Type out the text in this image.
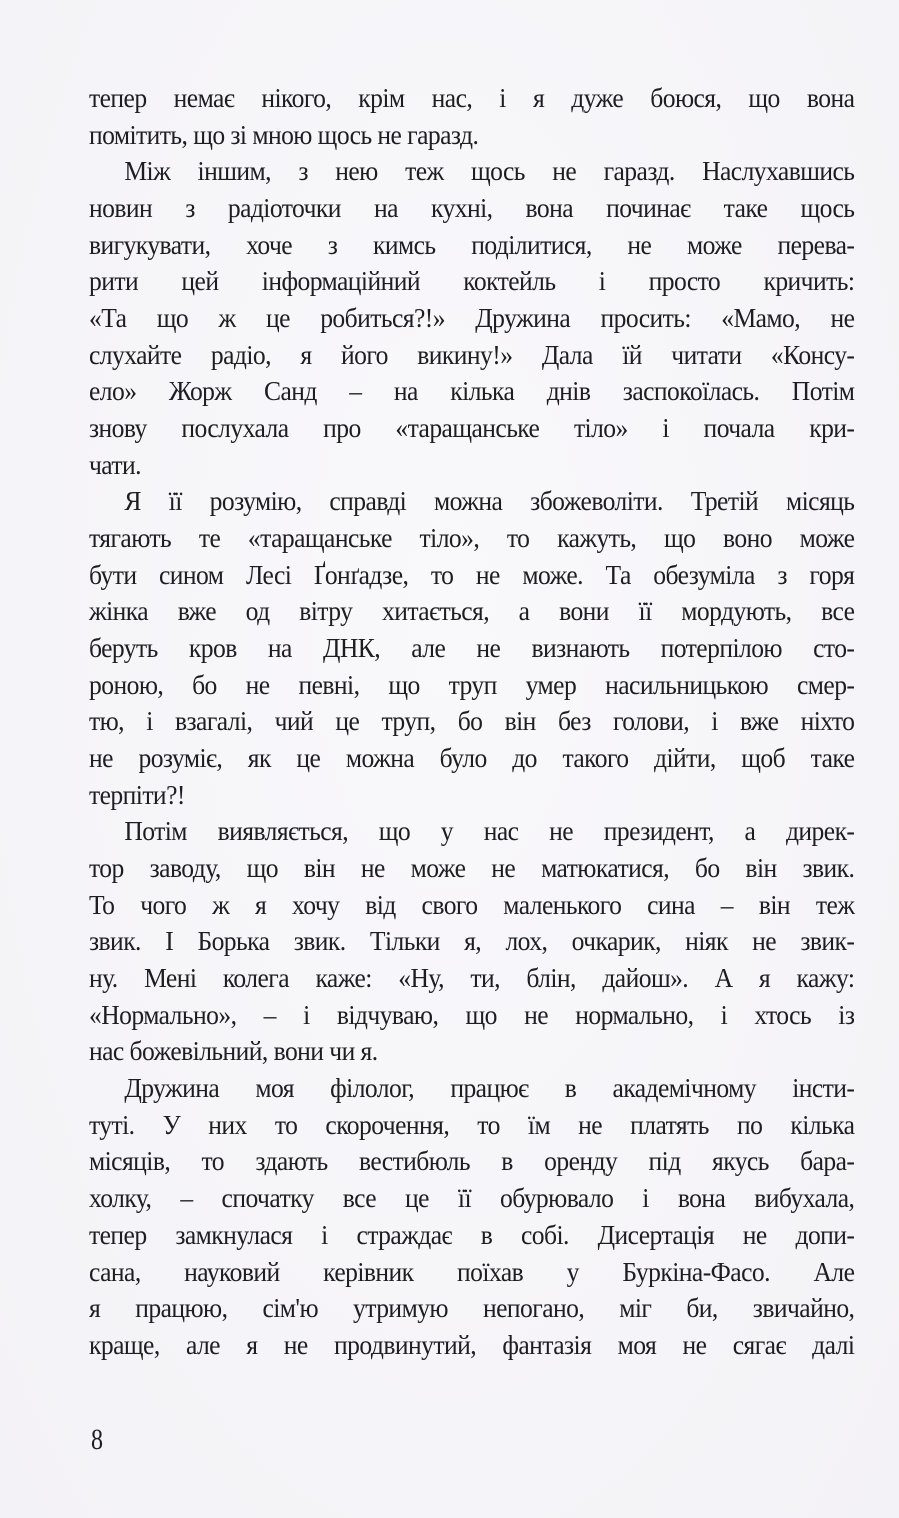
тепер немає нікого, крім нас, і я дуже боюся, що вона
помітить, що зі мною щось не гаразд.
Між іншим, з нею теж щось не гаразд. Наслухавшись
новин з радіоточки на кухні, вона починає таке щось
вигукувати, хоче з кимсь поділитися, не може перева-
рити цей інформаційний коктейль і просто кричить:
«Та що ж це робиться?!» Дружина просить: «Мамо, не
слухайте радіо, я його викину!» Дала їй читати «Консу-
ело» Жорж Санд – на кілька днів заспокоїлась. Потім
знову послухала про «таращанське тіло» і почала кри-
чати.
Я її розумію, справді можна збожеволіти. Третій місяць
тягають те «таращанське тіло», то кажуть, що воно може
бути сином Лесі Ґонґадзе, то не може. Та обезуміла з горя
жінка вже од вітру хитається, а вони її мордують, все
беруть кров на ДНК, але не визнають потерпілою сто-
роною, бо не певні, що труп умер насильницькою смер-
тю, і взагалі, чий це труп, бо він без голови, і вже ніхто
не розуміє, як це можна було до такого дійти, щоб таке
терпіти?!
Потім виявляється, що у нас не президент, а дирек-
тор заводу, що він не може не матюкатися, бо він звик.
То чого ж я хочу від свого маленького сина – він теж
звик. І Борька звик. Тільки я, лох, очкарик, ніяк не звик-
ну. Мені колега каже: «Ну, ти, блін, дайош». А я кажу:
«Нормально», – і відчуваю, що не нормально, і хтось із
нас божевільний, вони чи я.
Дружина моя філолог, працює в академічному інсти-
туті. У них то скорочення, то їм не платять по кілька
місяців, то здають вестибюль в оренду під якусь бара-
холку, – спочатку все це її обурювало і вона вибухала,
тепер замкнулася і страждає в собі. Дисертація не допи-
сана, науковий керівник поїхав у Буркіна-Фасо. Але
я працюю, сім'ю утримую непогано, міг би, звичайно,
краще, але я не продвинутий, фантазія моя не сягає далі
8
